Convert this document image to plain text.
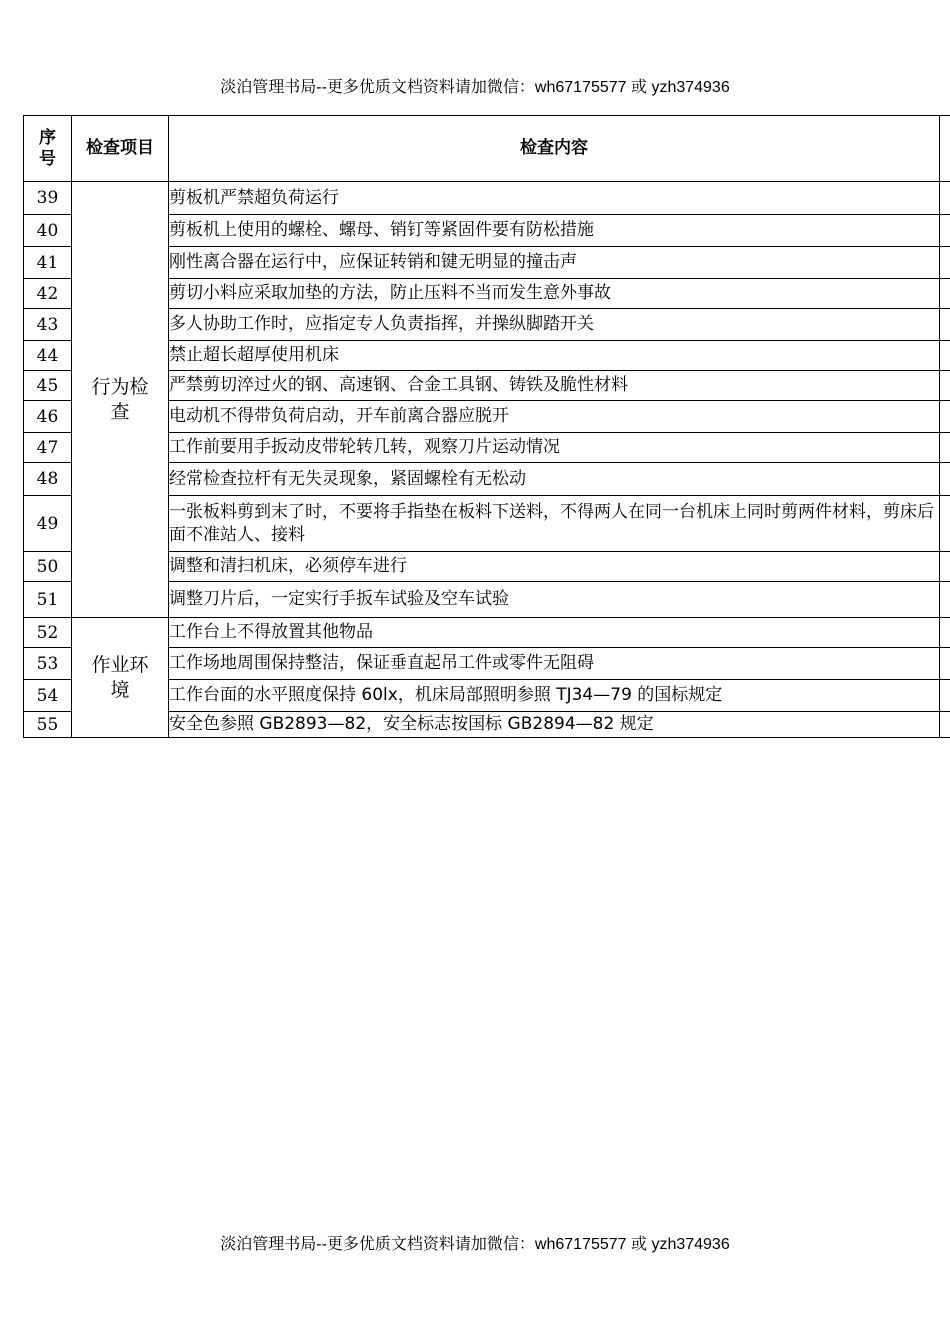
淡泊管理书局--更多优质文档资料请加微信：wh67175577 或 yzh374936
序号	检查项目	检查内容	
39	行为检查	剪板机严禁超负荷运行	
40		剪板机上使用的螺栓、螺母、销钉等紧固件要有防松措施	
41		刚性离合器在运行中，应保证转销和键无明显的撞击声	
42		剪切小料应采取加垫的方法，防止压料不当而发生意外事故	
43		多人协助工作时，应指定专人负责指挥，并操纵脚踏开关	
44		禁止超长超厚使用机床	
45		严禁剪切淬过火的钢、高速钢、合金工具钢、铸铁及脆性材料	
46		电动机不得带负荷启动，开车前离合器应脱开	
47		工作前要用手扳动皮带轮转几转，观察刀片运动情况	
48		经常检查拉杆有无失灵现象，紧固螺栓有无松动	
49		一张板料剪到末了时，不要将手指垫在板料下送料，不得两人在同一台机床上同时剪两件材料，剪床后面不准站人、接料	
50		调整和清扫机床，必须停车进行	
51		调整刀片后，一定实行手扳车试验及空车试验	
52	作业环境	工作台上不得放置其他物品	
53		工作场地周围保持整洁，保证垂直起吊工件或零件无阻碍	
54		工作台面的水平照度保持 60lx，机床局部照明参照 TJ34—79 的国标规定	
55		安全色参照 GB2893—82，安全标志按国标 GB2894—82 规定	
淡泊管理书局--更多优质文档资料请加微信：wh67175577 或 yzh374936
